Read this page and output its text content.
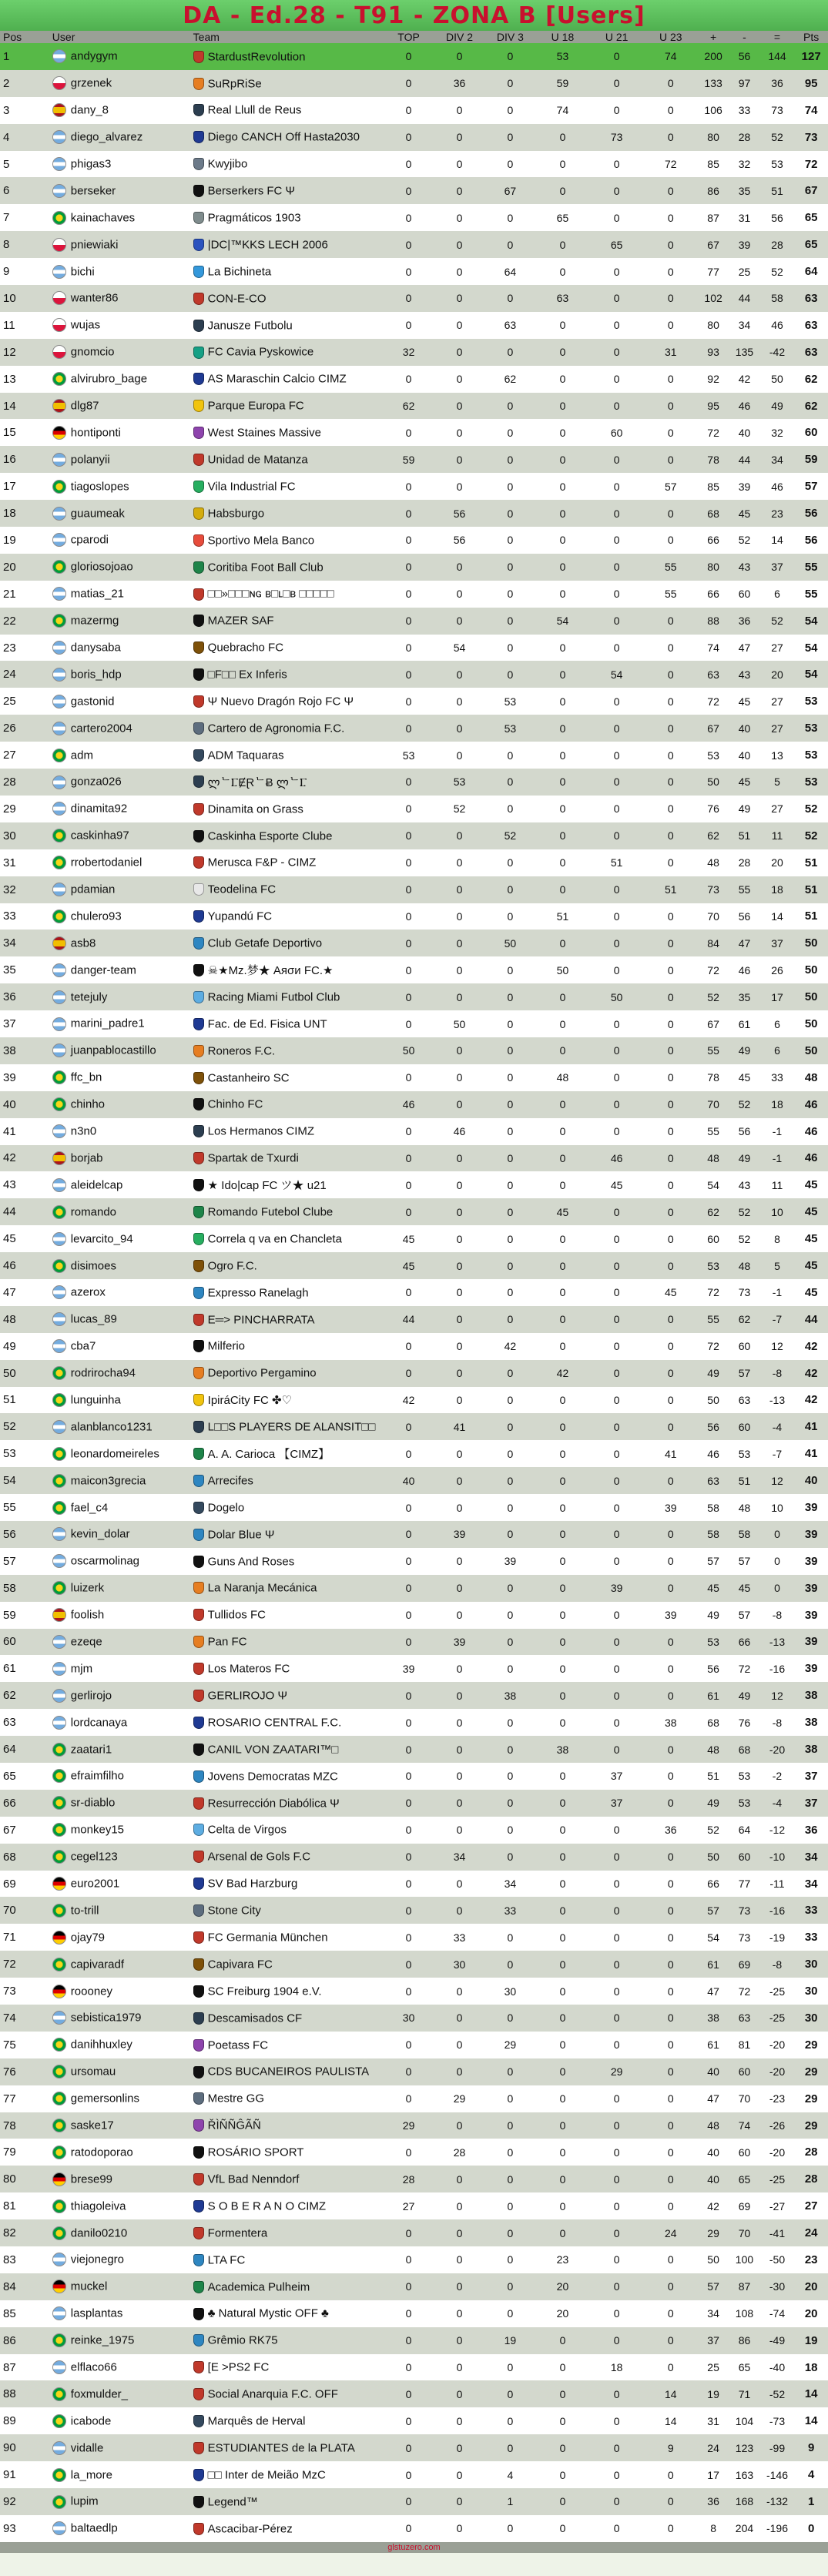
DA - Ed.28 - T91 - ZONA B [Users]
Pos	User	Team	TOP	DIV 2	DIV 3	U 18	U 21	U 23	+	-	=	Pts
1	andygym	StardustRevolution	0	0	0	53	0	74	200	56	144	127
2	grzenek	SuRpRiSe	0	36	0	59	0	0	133	97	36	95
3	dany_8	Real Llull de Reus	0	0	0	74	0	0	106	33	73	74
4	diego_alvarez	Diego CANCH Off Hasta2030	0	0	0	0	73	0	80	28	52	73
5	phigas3	Kwyjibo	0	0	0	0	0	72	85	32	53	72
6	berseker	Berserkers FC Ψ	0	0	67	0	0	0	86	35	51	67
7	kainachaves	Pragmáticos 1903	0	0	0	65	0	0	87	31	56	65
8	pniewiaki	|DC|™KKS LECH 2006	0	0	0	0	65	0	67	39	28	65
9	bichi	La Bichineta	0	0	64	0	0	0	77	25	52	64
10	wanter86	CON-E-CO	0	0	0	63	0	0	102	44	58	63
11	wujas	Janusze Futbolu	0	0	63	0	0	0	80	34	46	63
12	gnomcio	FC Cavia Pyskowice	32	0	0	0	0	31	93	135	-42	63
13	alvirubro_bage	AS Maraschin Calcio CIMZ	0	0	62	0	0	0	92	42	50	62
14	dlg87	Parque Europa FC	62	0	0	0	0	0	95	46	49	62
15	hontiponti	West Staines Massive	0	0	0	0	60	0	72	40	32	60
16	polanyii	Unidad de Matanza	59	0	0	0	0	0	78	44	34	59
17	tiagoslopes	Vila Industrial FC	0	0	0	0	0	57	85	39	46	57
18	guaumeak	Habsburgo	0	56	0	0	0	0	68	45	23	56
19	cparodi	Sportivo Mela Banco	0	56	0	0	0	0	66	52	14	56
20	gloriosojoao	Coritiba Foot Ball Club	0	0	0	0	0	55	80	43	37	55
21	matias_21	□□»□□□ɴɢ ʙ□ʟ□ʙ □□□□□	0	0	0	0	0	55	66	60	6	55
22	mazermg	MAZER SAF	0	0	0	54	0	0	88	36	52	54
23	danysaba	Quebracho FC	0	54	0	0	0	0	74	47	27	54
24	boris_hdp	□F□□ Ex Inferis	0	0	0	0	54	0	63	43	20	54
25	gastonid	Ψ Nuevo Dragón Rojo FC Ψ	0	0	53	0	0	0	72	45	27	53
26	cartero2004	Cartero de Agronomia F.C.	0	0	53	0	0	0	67	40	27	53
27	adm	ADM Taquaras	53	0	0	0	0	0	53	40	13	53
28	gonza026	ლᄂⳞɆⱤᄂɃ ლᄂⳞ	0	53	0	0	0	0	50	45	5	53
29	dinamita92	Dinamita on Grass	0	52	0	0	0	0	76	49	27	52
30	caskinha97	Caskinha Esporte Clube	0	0	52	0	0	0	62	51	11	52
31	rrobertodaniel	Merusca F&P - CIMZ	0	0	0	0	51	0	48	28	20	51
32	pdamian	Teodelina FC	0	0	0	0	0	51	73	55	18	51
33	chulero93	Yupandú FC	0	0	0	51	0	0	70	56	14	51
34	asb8	Club Getafe Deportivo	0	0	50	0	0	0	84	47	37	50
35	danger-team	☠★Mz.梦★ Aяσи FC.★	0	0	0	50	0	0	72	46	26	50
36	tetejuly	Racing Miami Futbol Club	0	0	0	0	50	0	52	35	17	50
37	marini_padre1	Fac. de Ed. Fisica UNT	0	50	0	0	0	0	67	61	6	50
38	juanpablocastillo	Roneros F.C.	50	0	0	0	0	0	55	49	6	50
39	ffc_bn	Castanheiro SC	0	0	0	48	0	0	78	45	33	48
40	chinho	Chinho FC	46	0	0	0	0	0	70	52	18	46
41	n3n0	Los Hermanos CIMZ	0	46	0	0	0	0	55	56	-1	46
42	borjab	Spartak de Txurdi	0	0	0	0	46	0	48	49	-1	46
43	aleidelcap	★ Ido|cap FC ツ★ u21	0	0	0	0	45	0	54	43	11	45
44	romando	Romando Futebol Clube	0	0	0	45	0	0	62	52	10	45
45	levarcito_94	Correla q va en Chancleta	45	0	0	0	0	0	60	52	8	45
46	disimoes	Ogro F.C.	45	0	0	0	0	0	53	48	5	45
47	azerox	Expresso Ranelagh	0	0	0	0	0	45	72	73	-1	45
48	lucas_89	E═> PINCHARRATA	44	0	0	0	0	0	55	62	-7	44
49	cba7	Milferio	0	0	42	0	0	0	72	60	12	42
50	rodrirocha94	Deportivo Pergamino	0	0	0	42	0	0	49	57	-8	42
51	lunguinha	IpiráCity FC ✤♡	42	0	0	0	0	0	50	63	-13	42
52	alanblanco1231	L□□S PLAYERS DE ALANSIT□□	0	41	0	0	0	0	56	60	-4	41
53	leonardomeireles	A. A. Carioca 【CIMZ】	0	0	0	0	0	41	46	53	-7	41
54	maicon3grecia	Arrecifes	40	0	0	0	0	0	63	51	12	40
55	fael_c4	Dogelo	0	0	0	0	0	39	58	48	10	39
56	kevin_dolar	Dolar Blue Ψ	0	39	0	0	0	0	58	58	0	39
57	oscarmolinag	Guns And Roses	0	0	39	0	0	0	57	57	0	39
58	luizerk	La Naranja Mecánica	0	0	0	0	39	0	45	45	0	39
59	foolish	Tullidos FC	0	0	0	0	0	39	49	57	-8	39
60	ezeqe	Pan FC	0	39	0	0	0	0	53	66	-13	39
61	mjm	Los Materos FC	39	0	0	0	0	0	56	72	-16	39
62	gerlirojo	GERLIROJO Ψ	0	0	38	0	0	0	61	49	12	38
63	lordcanaya	ROSARIO CENTRAL F.C.	0	0	0	0	0	38	68	76	-8	38
64	zaatari1	CANIL VON ZAATARI™□	0	0	0	38	0	0	48	68	-20	38
65	efraimfilho	Jovens Democratas MZC	0	0	0	0	37	0	51	53	-2	37
66	sr-diablo	Resurrección Diabólica Ψ	0	0	0	0	37	0	49	53	-4	37
67	monkey15	Celta de Virgos	0	0	0	0	0	36	52	64	-12	36
68	cegel123	Arsenal de Gols F.C	0	34	0	0	0	0	50	60	-10	34
69	euro2001	SV Bad Harzburg	0	0	34	0	0	0	66	77	-11	34
70	to-trill	Stone City	0	0	33	0	0	0	57	73	-16	33
71	ojay79	FC Germania München	0	33	0	0	0	0	54	73	-19	33
72	capivaradf	Capivara FC	0	30	0	0	0	0	61	69	-8	30
73	roooney	SC Freiburg 1904 e.V.	0	0	30	0	0	0	47	72	-25	30
74	sebistica1979	Descamisados CF	30	0	0	0	0	0	38	63	-25	30
75	danihhuxley	Poetass FC	0	0	29	0	0	0	61	81	-20	29
76	ursomau	CDS BUCANEIROS PAULISTA	0	0	0	0	29	0	40	60	-20	29
77	gemersonlins	Mestre GG	0	29	0	0	0	0	47	70	-23	29
78	saske17	ŘÌÑÑĜÃÑ	29	0	0	0	0	0	48	74	-26	29
79	ratodoporao	ROSÁRIO SPORT	0	28	0	0	0	0	40	60	-20	28
80	brese99	VfL Bad Nenndorf	28	0	0	0	0	0	40	65	-25	28
81	thiagoleiva	S O B E R A N O CIMZ	27	0	0	0	0	0	42	69	-27	27
82	danilo0210	Formentera	0	0	0	0	0	24	29	70	-41	24
83	viejonegro	LTA FC	0	0	0	23	0	0	50	100	-50	23
84	muckel	Academica Pulheim	0	0	0	20	0	0	57	87	-30	20
85	lasplantas	♣ Natural Mystic OFF ♣	0	0	0	20	0	0	34	108	-74	20
86	reinke_1975	Grêmio RK75	0	0	19	0	0	0	37	86	-49	19
87	elflaco66	[E >PS2 FC	0	0	0	0	18	0	25	65	-40	18
88	foxmulder_	Social Anarquia F.C. OFF	0	0	0	0	0	14	19	71	-52	14
89	icabode	Marquês de Herval	0	0	0	0	0	14	31	104	-73	14
90	vidalle	ESTUDIANTES de la PLATA	0	0	0	0	0	9	24	123	-99	9
91	la_more	□□ Inter de Meião MzC	0	0	4	0	0	0	17	163	-146	4
92	lupim	Legend™	0	0	1	0	0	0	36	168	-132	1
93	baltaedlp	Ascacibar-Pérez	0	0	0	0	0	0	8	204	-196	0
glstuzero.com
